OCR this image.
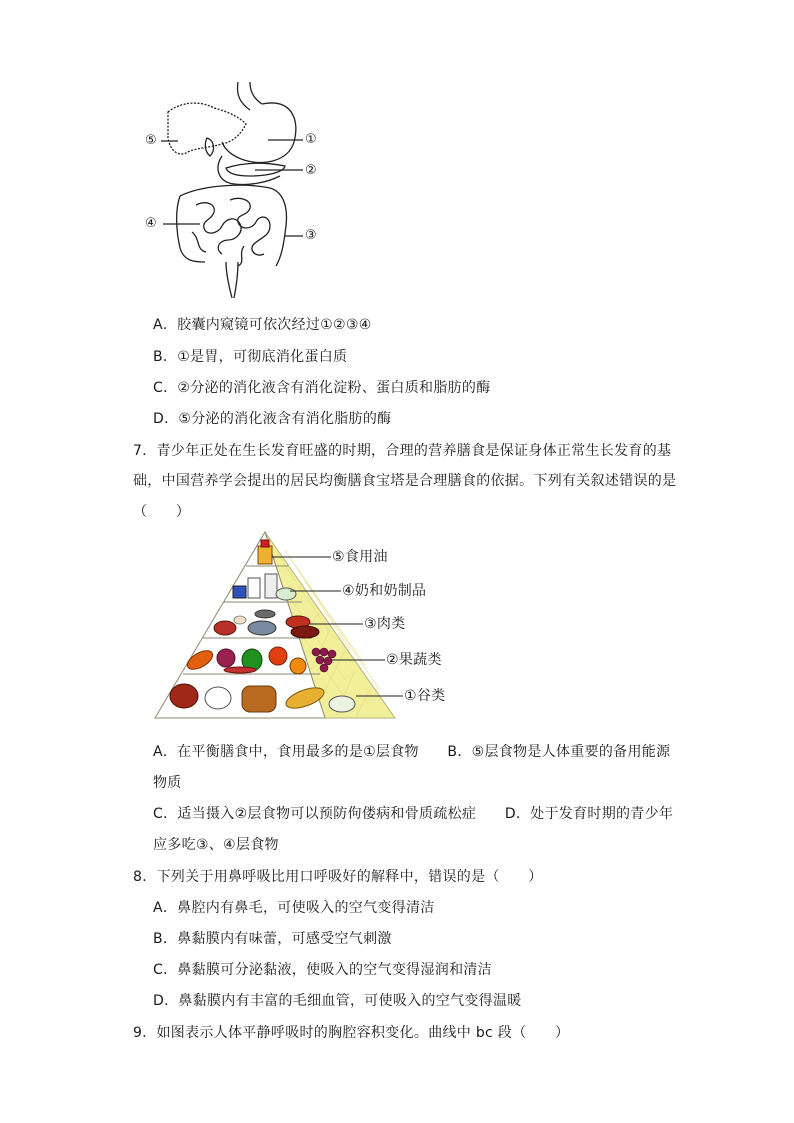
⑤	①
②
④
③
A．胶囊内窥镜可依次经过①②③④
B．①是胃，可彻底消化蛋白质
C．②分泌的消化液含有消化淀粉、蛋白质和脂肪的酶
D．⑤分泌的消化液含有消化脂肪的酶
7．青少年正处在生长发育旺盛的时期，合理的营养膳食是保证身体正常生长发育的基
础，中国营养学会提出的居民均衡膳食宝塔是合理膳食的依据。下列有关叙述错误的是
（　　）
⑤食用油
④奶和奶制品
③肉类
②果蔬类
①谷类
A．在平衡膳食中，食用最多的是①层食物　　B．⑤层食物是人体重要的备用能源
物质
C．适当摄入②层食物可以预防佝偻病和骨质疏松症　　D．处于发育时期的青少年
应多吃③、④层食物
8．下列关于用鼻呼吸比用口呼吸好的解释中，错误的是（　　）
A．鼻腔内有鼻毛，可使吸入的空气变得清洁
B．鼻黏膜内有味蕾，可感受空气刺激
C．鼻黏膜可分泌黏液，使吸入的空气变得湿润和清洁
D．鼻黏膜内有丰富的毛细血管，可使吸入的空气变得温暖
9．如图表示人体平静呼吸时的胸腔容积变化。曲线中 bc 段（　　）
